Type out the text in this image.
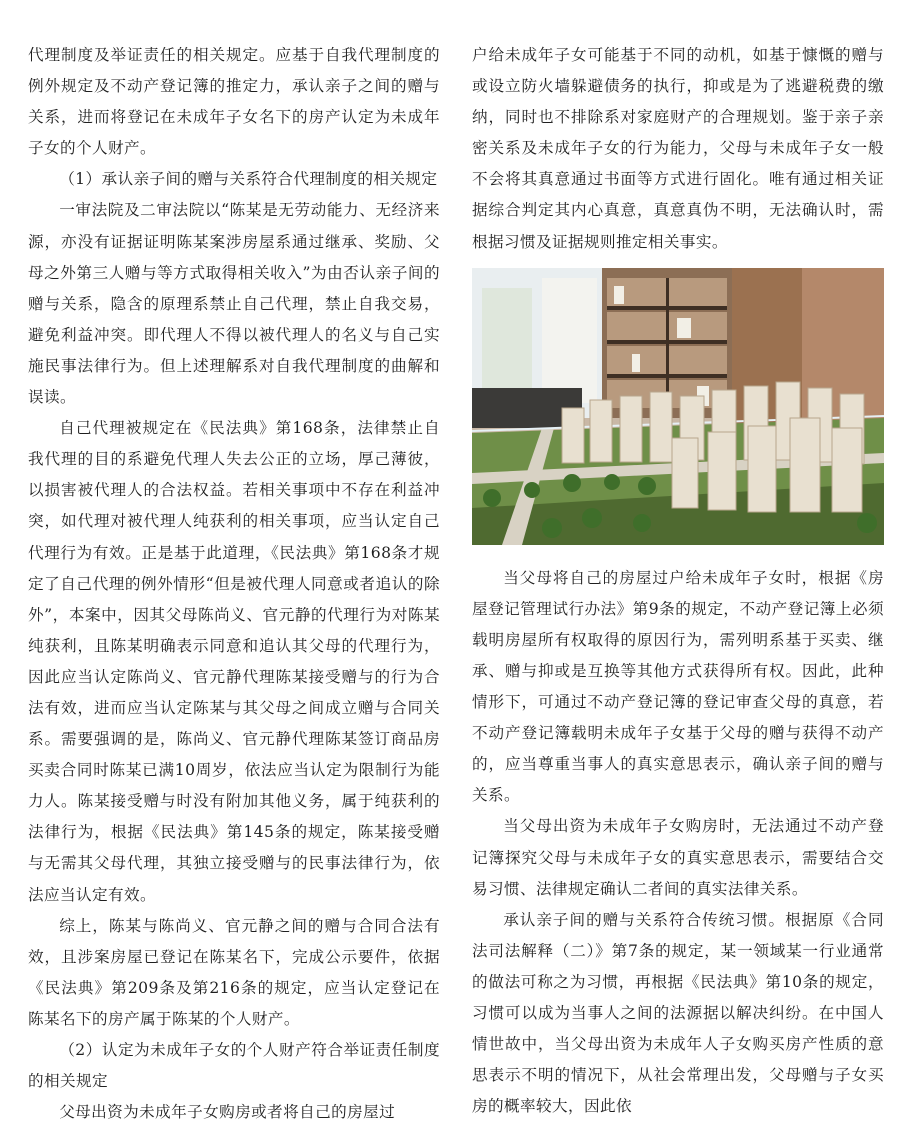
代理制度及举证责任的相关规定。应基于自我代理制度的例外规定及不动产登记簿的推定力，承认亲子之间的赠与关系，进而将登记在未成年子女名下的房产认定为未成年子女的个人财产。

（1）承认亲子间的赠与关系符合代理制度的相关规定

一审法院及二审法院以“陈某是无劳动能力、无经济来源，亦没有证据证明陈某案涉房屋系通过继承、奖励、父母之外第三人赠与等方式取得相关收入”为由否认亲子间的赠与关系，隐含的原理系禁止自己代理，禁止自我交易，避免利益冲突。即代理人不得以被代理人的名义与自己实施民事法律行为。但上述理解系对自我代理制度的曲解和误读。

自己代理被规定在《民法典》第168条，法律禁止自我代理的目的系避免代理人失去公正的立场，厚己薄彼，以损害被代理人的合法权益。若相关事项中不存在利益冲突，如代理对被代理人纯获利的相关事项，应当认定自己代理行为有效。正是基于此道理，《民法典》第168条才规定了自己代理的例外情形“但是被代理人同意或者追认的除外”，本案中，因其父母陈尚义、官元静的代理行为对陈某纯获利，且陈某明确表示同意和追认其父母的代理行为，因此应当认定陈尚义、官元静代理陈某接受赠与的行为合法有效，进而应当认定陈某与其父母之间成立赠与合同关系。需要强调的是，陈尚义、官元静代理陈某签订商品房买卖合同时陈某已满10周岁，依法应当认定为限制行为能力人。陈某接受赠与时没有附加其他义务，属于纯获利的法律行为，根据《民法典》第145条的规定，陈某接受赠与无需其父母代理，其独立接受赠与的民事法律行为，依法应当认定有效。

综上，陈某与陈尚义、官元静之间的赠与合同合法有效，且涉案房屋已登记在陈某名下，完成公示要件，依据《民法典》第209条及第216条的规定，应当认定登记在陈某名下的房产属于陈某的个人财产。

（2）认定为未成年子女的个人财产符合举证责任制度的相关规定

父母出资为未成年子女购房或者将自己的房屋过

户给未成年子女可能基于不同的动机，如基于慷慨的赠与或设立防火墙躲避债务的执行，抑或是为了逃避税费的缴纳，同时也不排除系对家庭财产的合理规划。鉴于亲子亲密关系及未成年子女的行为能力，父母与未成年子女一般不会将其真意通过书面等方式进行固化。唯有通过相关证据综合判定其内心真意，真意真伪不明，无法确认时，需根据习惯及证据规则推定相关事实。

当父母将自己的房屋过户给未成年子女时，根据《房屋登记管理试行办法》第9条的规定，不动产登记簿上必须载明房屋所有权取得的原因行为，需列明系基于买卖、继承、赠与抑或是互换等其他方式获得所有权。因此，此种情形下，可通过不动产登记簿的登记审查父母的真意，若不动产登记簿载明未成年子女基于父母的赠与获得不动产的，应当尊重当事人的真实意思表示，确认亲子间的赠与关系。

当父母出资为未成年子女购房时，无法通过不动产登记簿探究父母与未成年子女的真实意思表示，需要结合交易习惯、法律规定确认二者间的真实法律关系。

承认亲子间的赠与关系符合传统习惯。根据原《合同法司法解释（二）》第7条的规定，某一领域某一行业通常的做法可称之为习惯，再根据《民法典》第10条的规定，习惯可以成为当事人之间的法源据以解决纠纷。在中国人情世故中，当父母出资为未成年人子女购买房产性质的意思表示不明的情况下，从社会常理出发，父母赠与子女买房的概率较大，因此依
